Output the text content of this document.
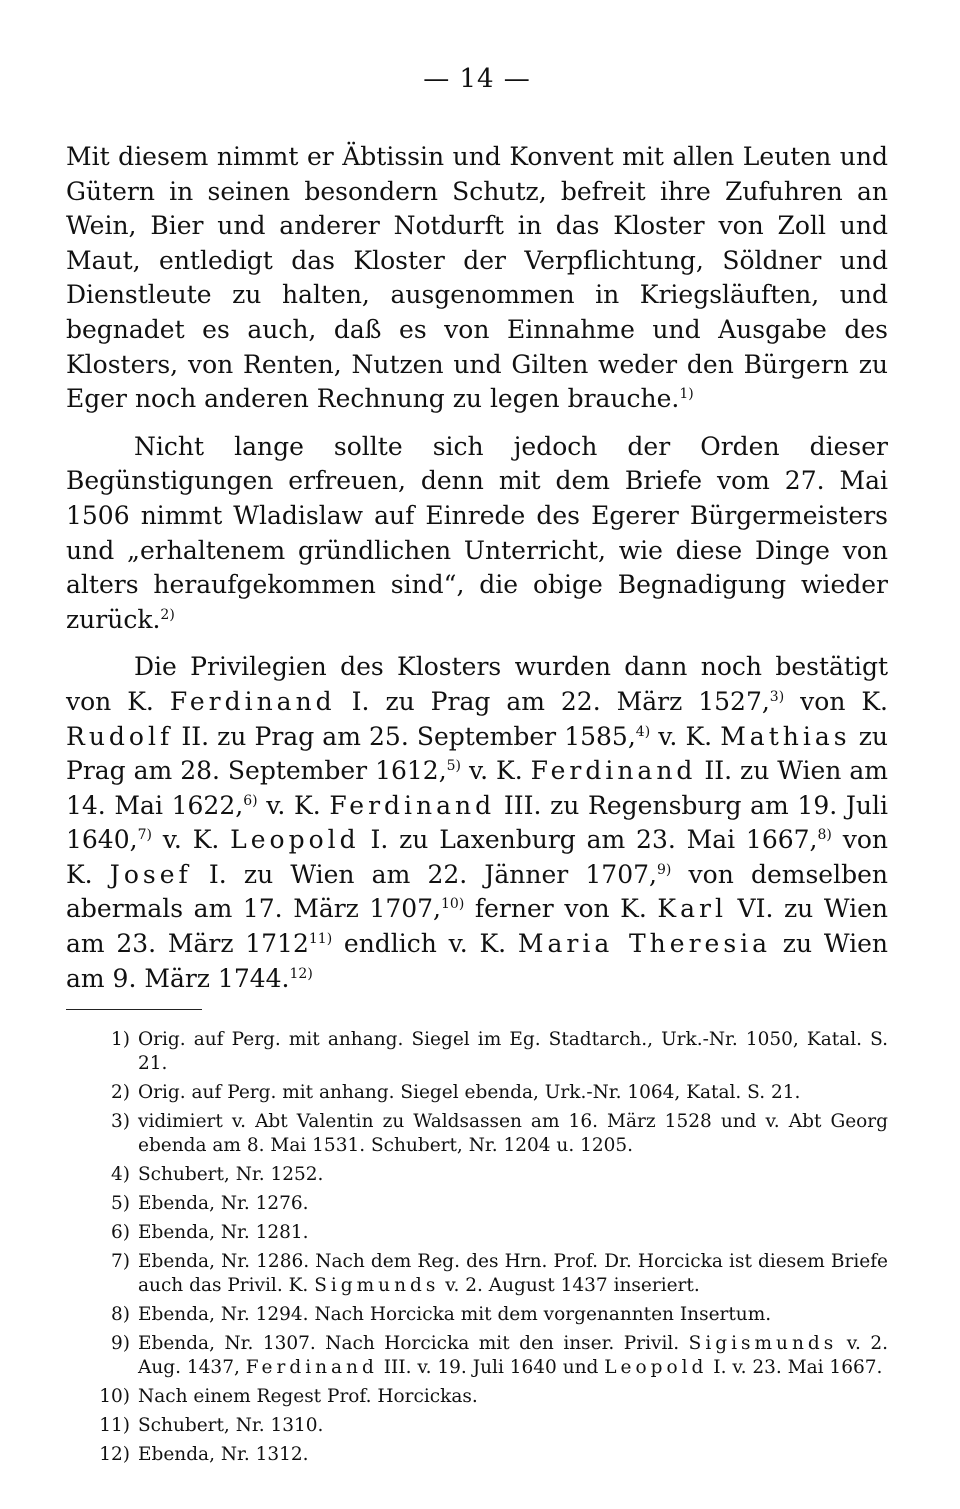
— 14 —

Mit diesem nimmt er Äbtissin und Konvent mit allen Leuten und Gütern in seinen besondern Schutz, befreit ihre Zufuhren an Wein, Bier und anderer Notdurft in das Kloster von Zoll und Maut, entledigt das Kloster der Verpflichtung, Söldner und Dienstleute zu halten, ausgenommen in Kriegsläuften, und begnadet es auch, daß es von Einnahme und Ausgabe des Klosters, von Renten, Nutzen und Gilten weder den Bürgern zu Eger noch anderen Rechnung zu legen brauche.$^{1)}$

Nicht lange sollte sich jedoch der Orden dieser Begünstigungen erfreuen, denn mit dem Briefe vom 27. Mai 1506 nimmt Wladislaw auf Einrede des Egerer Bürgermeisters und „erhaltenem gründlichen Unterricht, wie diese Dinge von alters heraufgekommen sind“, die obige Begnadigung wieder zurück.$^{2)}$

Die Privilegien des Klosters wurden dann noch bestätigt von K. Ferdinand I. zu Prag am 22. März 1527,$^{3)}$ von K. Rudolf II. zu Prag am 25. September 1585,$^{4)}$ v. K. Mathias zu Prag am 28. September 1612,$^{5)}$ v. K. Ferdinand II. zu Wien am 14. Mai 1622,$^{6)}$ v. K. Ferdinand III. zu Regensburg am 19. Juli 1640,$^{7)}$ v. K. Leopold I. zu Laxenburg am 23. Mai 1667,$^{8)}$ von K. Josef I. zu Wien am 22. Jänner 1707,$^{9)}$ von demselben abermals am 17. März 1707,$^{10)}$ ferner von K. Karl VI. zu Wien am 23. März 1712$^{11)}$ endlich v. K. Maria Theresia zu Wien am 9. März 1744.$^{12)}$

1) Orig. auf Perg. mit anhang. Siegel im Eg. Stadtarch., Urk.-Nr. 1050, Katal. S. 21.
2) Orig. auf Perg. mit anhang. Siegel ebenda, Urk.-Nr. 1064, Katal. S. 21.
3) vidimiert v. Abt Valentin zu Waldsassen am 16. März 1528 und v. Abt Georg ebenda am 8. Mai 1531. Schubert, Nr. 1204 u. 1205.
4) Schubert, Nr. 1252.
5) Ebenda, Nr. 1276.
6) Ebenda, Nr. 1281.
7) Ebenda, Nr. 1286. Nach dem Reg. des Hrn. Prof. Dr. Horcicka ist diesem Briefe auch das Privil. K. Sigmunds v. 2. August 1437 inseriert.
8) Ebenda, Nr. 1294. Nach Horcicka mit dem vorgenannten Insertum.
9) Ebenda, Nr. 1307. Nach Horcicka mit den inser. Privil. Sigismunds v. 2. Aug. 1437, Ferdinand III. v. 19. Juli 1640 und Leopold I. v. 23. Mai 1667.
10) Nach einem Regest Prof. Horcickas.
11) Schubert, Nr. 1310.
12) Ebenda, Nr. 1312.
